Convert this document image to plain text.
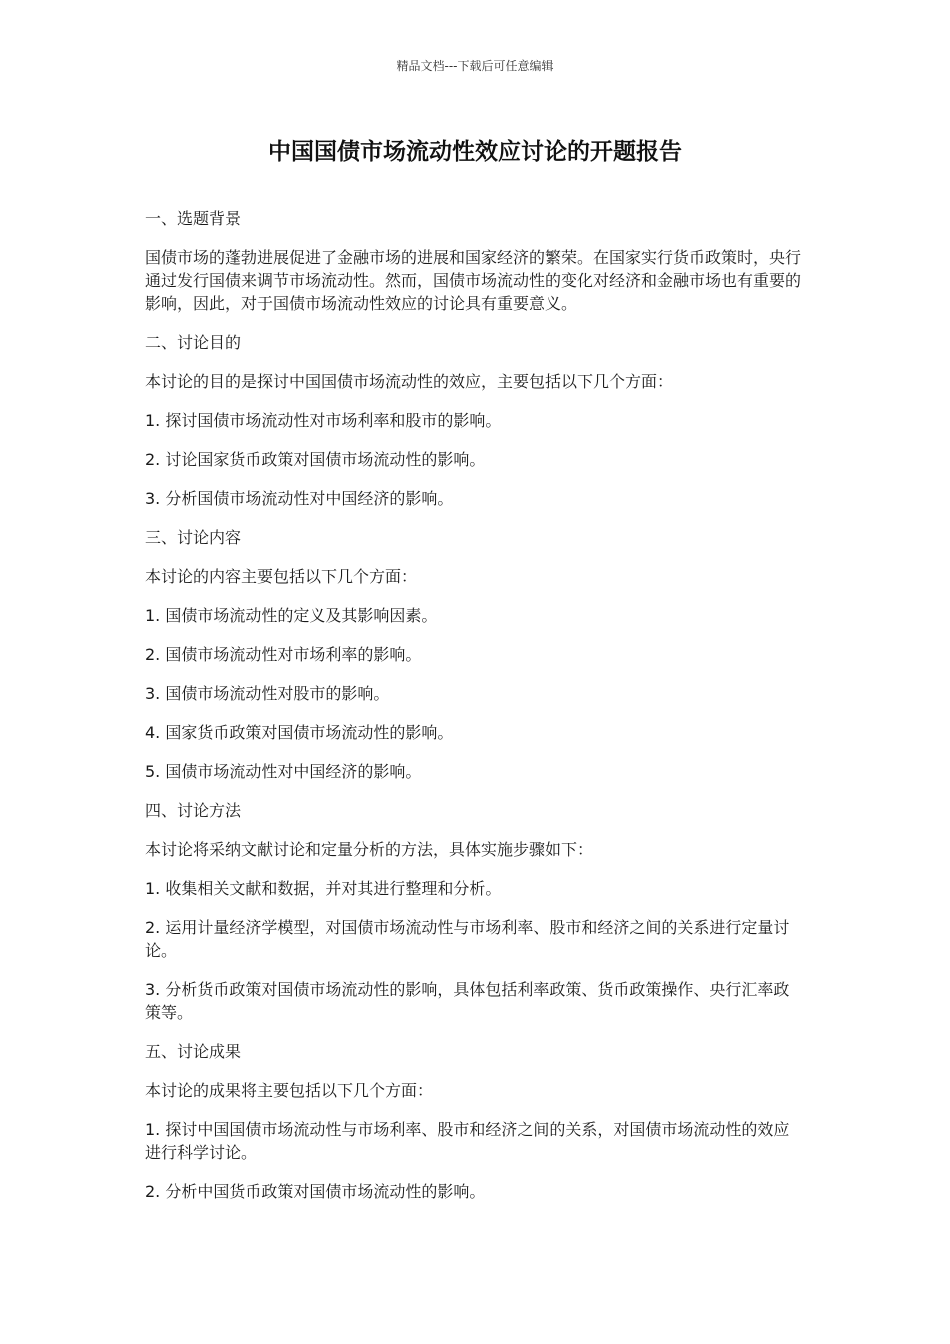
精品文档---下载后可任意编辑
中国国债市场流动性效应讨论的开题报告

一、选题背景

国债市场的蓬勃进展促进了金融市场的进展和国家经济的繁荣。在国家实行货币政策时，央行通过发行国债来调节市场流动性。然而，国债市场流动性的变化对经济和金融市场也有重要的影响，因此，对于国债市场流动性效应的讨论具有重要意义。

二、讨论目的

本讨论的目的是探讨中国国债市场流动性的效应，主要包括以下几个方面：

1. 探讨国债市场流动性对市场利率和股市的影响。

2. 讨论国家货币政策对国债市场流动性的影响。

3. 分析国债市场流动性对中国经济的影响。

三、讨论内容

本讨论的内容主要包括以下几个方面：

1. 国债市场流动性的定义及其影响因素。

2. 国债市场流动性对市场利率的影响。

3. 国债市场流动性对股市的影响。

4. 国家货币政策对国债市场流动性的影响。

5. 国债市场流动性对中国经济的影响。

四、讨论方法

本讨论将采纳文献讨论和定量分析的方法，具体实施步骤如下：

1. 收集相关文献和数据，并对其进行整理和分析。

2. 运用计量经济学模型，对国债市场流动性与市场利率、股市和经济之间的关系进行定量讨论。

3. 分析货币政策对国债市场流动性的影响，具体包括利率政策、货币政策操作、央行汇率政策等。

五、讨论成果

本讨论的成果将主要包括以下几个方面：

1. 探讨中国国债市场流动性与市场利率、股市和经济之间的关系，对国债市场流动性的效应进行科学讨论。

2. 分析中国货币政策对国债市场流动性的影响。
